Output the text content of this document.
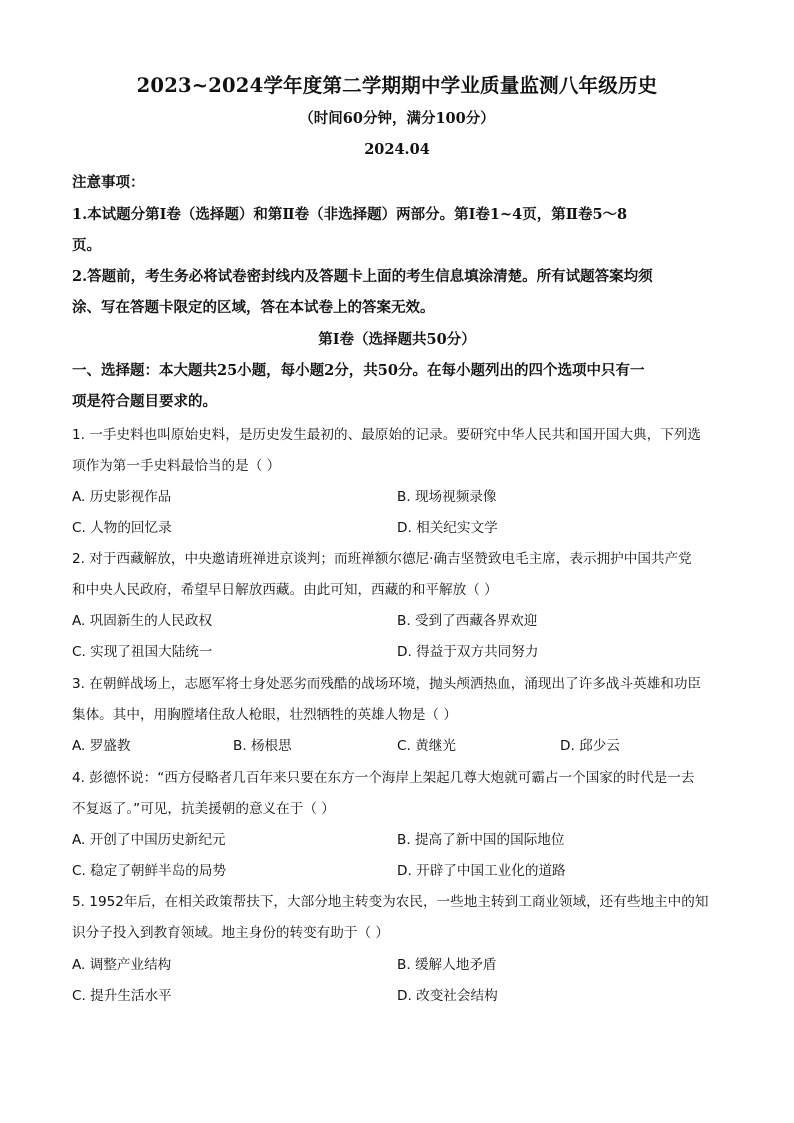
2023~2024学年度第二学期期中学业质量监测八年级历史
（时间60分钟，满分100分）
2024.04
注意事项：
1.本试题分第Ⅰ卷（选择题）和第Ⅱ卷（非选择题）两部分。第Ⅰ卷1~4页，第Ⅱ卷5～8
页。
2.答题前，考生务必将试卷密封线内及答题卡上面的考生信息填涂清楚。所有试题答案均须
涂、写在答题卡限定的区域，答在本试卷上的答案无效。
第Ⅰ卷（选择题共50分）
一、选择题：本大题共25小题，每小题2分，共50分。在每小题列出的四个选项中只有一
项是符合题目要求的。
1. 一手史料也叫原始史料，是历史发生最初的、最原始的记录。要研究中华人民共和国开国大典，下列选
项作为第一手史料最恰当的是（ ）
A. 历史影视作品	B. 现场视频录像
C. 人物的回忆录	D. 相关纪实文学
2. 对于西藏解放，中央邀请班禅进京谈判；而班禅额尔德尼·确吉坚赞致电毛主席，表示拥护中国共产党
和中央人民政府，希望早日解放西藏。由此可知，西藏的和平解放（ ）
A. 巩固新生的人民政权	B. 受到了西藏各界欢迎
C. 实现了祖国大陆统一	D. 得益于双方共同努力
3. 在朝鲜战场上，志愿军将士身处恶劣而残酷的战场环境，抛头颅洒热血，涌现出了许多战斗英雄和功臣
集体。其中，用胸膛堵住敌人枪眼，壮烈牺牲的英雄人物是（ ）
A. 罗盛教	B. 杨根思	C. 黄继光	D. 邱少云
4. 彭德怀说：“西方侵略者几百年来只要在东方一个海岸上架起几尊大炮就可霸占一个国家的时代是一去
不复返了。”可见，抗美援朝的意义在于（ ）
A. 开创了中国历史新纪元	B. 提高了新中国的国际地位
C. 稳定了朝鲜半岛的局势	D. 开辟了中国工业化的道路
5. 1952年后，在相关政策帮扶下，大部分地主转变为农民，一些地主转到工商业领域，还有些地主中的知
识分子投入到教育领域。地主身份的转变有助于（ ）
A. 调整产业结构	B. 缓解人地矛盾
C. 提升生活水平	D. 改变社会结构
